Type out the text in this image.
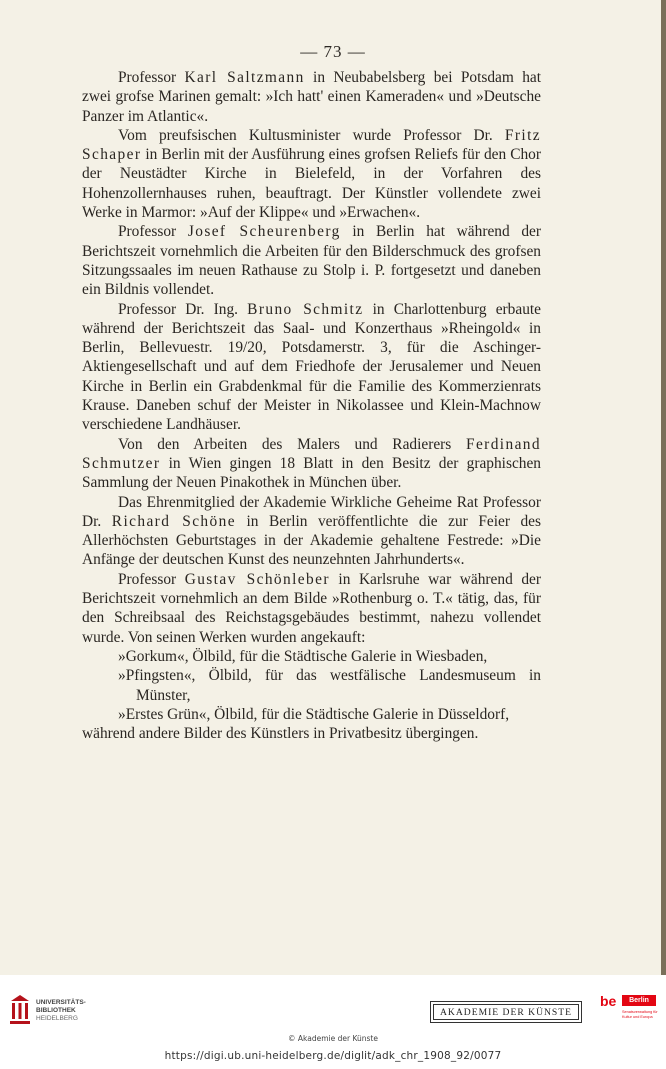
— 73 —

Professor Karl Saltzmann in Neubabelsberg bei Potsdam hat zwei grofse Marinen gemalt: »Ich hatt' einen Kameraden« und »Deutsche Panzer im Atlantic«.

Vom preufsischen Kultusminister wurde Professor Dr. Fritz Schaper in Berlin mit der Ausführung eines grofsen Reliefs für den Chor der Neustädter Kirche in Bielefeld, in der Vorfahren des Hohenzollernhauses ruhen, beauftragt. Der Künstler vollendete zwei Werke in Marmor: »Auf der Klippe« und »Erwachen«.

Professor Josef Scheurenberg in Berlin hat während der Berichtszeit vornehmlich die Arbeiten für den Bilderschmuck des grofsen Sitzungssaales im neuen Rathause zu Stolp i. P. fortgesetzt und daneben ein Bildnis vollendet.

Professor Dr. Ing. Bruno Schmitz in Charlottenburg erbaute während der Berichtszeit das Saal- und Konzerthaus »Rheingold« in Berlin, Bellevuestr. 19/20, Potsdamerstr. 3, für die Aschinger-Aktiengesellschaft und auf dem Friedhofe der Jerusalemer und Neuen Kirche in Berlin ein Grabdenkmal für die Familie des Kommerzienrats Krause. Daneben schuf der Meister in Nikolassee und Klein-Machnow verschiedene Landhäuser.

Von den Arbeiten des Malers und Radierers Ferdinand Schmutzer in Wien gingen 18 Blatt in den Besitz der graphischen Sammlung der Neuen Pinakothek in München über.

Das Ehrenmitglied der Akademie Wirkliche Geheime Rat Professor Dr. Richard Schöne in Berlin veröffentlichte die zur Feier des Allerhöchsten Geburtstages in der Akademie gehaltene Festrede: »Die Anfänge der deutschen Kunst des neunzehnten Jahrhunderts«.

Professor Gustav Schönleber in Karlsruhe war während der Berichtszeit vornehmlich an dem Bilde »Rothenburg o. T.« tätig, das, für den Schreibsaal des Reichstagsgebäudes bestimmt, nahezu vollendet wurde. Von seinen Werken wurden angekauft:

»Gorkum«, Ölbild, für die Städtische Galerie in Wiesbaden,
»Pfingsten«, Ölbild, für das westfälische Landesmuseum in Münster,
»Erstes Grün«, Ölbild, für die Städtische Galerie in Düsseldorf,

während andere Bilder des Künstlers in Privatbesitz übergingen.

UNIVERSITÄTS-
BIBLIOTHEK
HEIDELBERG
AKADEMIE DER KÜNSTE
be	Berlin
Senatsverwaltung für Kultur und Europa
© Akademie der Künste
https://digi.ub.uni-heidelberg.de/diglit/adk_chr_1908_92/0077
